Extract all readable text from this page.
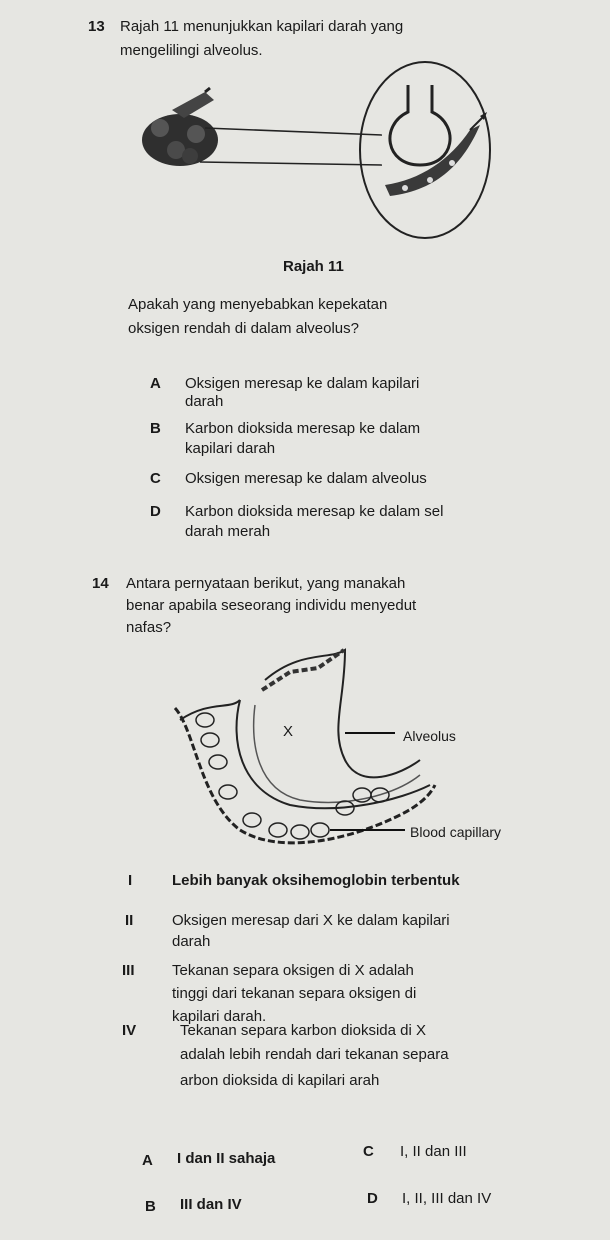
13 Rajah 11 menunjukkan kapilari darah yang
mengelilingi alveolus.
Rajah 11
Apakah yang menyebabkan kepekatan
oksigen rendah di dalam alveolus?
A Oksigen meresap ke dalam kapilari
darah
B Karbon dioksida meresap ke dalam
kapilari darah
C Oksigen meresap ke dalam alveolus
D Karbon dioksida meresap ke dalam sel
darah merah
14 Antara pernyataan berikut, yang manakah
benar apabila seseorang individu menyedut
nafas?
X	Alveolus
Blood capillary
I	Lebih banyak oksihemoglobin terbentuk
II	Oksigen meresap dari X ke dalam kapilari
darah
III Tekanan separa oksigen di X adalah
tinggi dari tekanan separa oksigen di
kapilari darah.
IV	Tekanan separa karbon dioksida di X
adalah lebih rendah dari tekanan separa
arbon dioksida di kapilari arah
A I dan II sahaja	C I, II dan III
B III dan IV	D I, II, III dan IV
